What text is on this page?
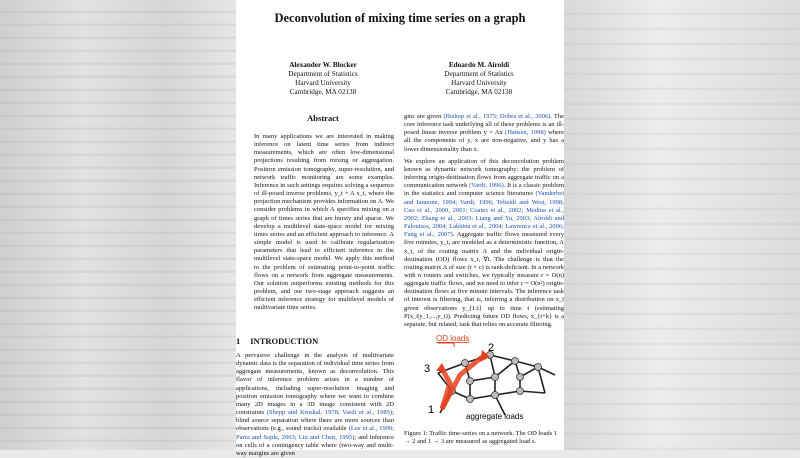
Deconvolution of mixing time series on a graph
Alexander W. Blocker
Department of Statistics
Harvard University
Cambridge, MA 02138
Edoardo M. Airoldi
Department of Statistics
Harvard University
Cambridge, MA 02138
Abstract
In many applications we are interested in making inference on latent time series from indirect measurements, which are often low-dimensional projections resulting from mixing or aggregation. Positron emission tomography, super-resolution, and network traffic monitoring are some examples. Inference in such settings requires solving a sequence of ill-posed inverse problems, y_t = A x_t, where the projection mechanism provides information on A. We consider problems in which A specifies mixing on a graph of times series that are bursty and sparse. We develop a multilevel state-space model for mixing times series and an efficient approach to inference. A simple model is used to calibrate regularization parameters that lead to efficient inference in the multilevel state-space model. We apply this method to the problem of estimating point-to-point traffic flows on a network from aggregate measurements. Our solution outperforms existing methods for this problem, and our two-stage approach suggests an efficient inference strategy for multilevel models of multivariate time series.
1 INTRODUCTION
A pervasive challenge in the analysis of multivariate dynamic data is the separation of individual time series from aggregate measurements, known as deconvolution. This flavor of inference problem arises in a number of applications, including super-resolution imaging and positron emission tomography where we want to combine many 2D images in a 3D image consistent with 2D constraints (Shepp and Kruskal, 1978; Vardi et al., 1985); blind source separation where there are more sources than observations (e.g., sound tracks) available (Lee et al., 1999; Parra and Sajda, 2003; Liu and Chen, 1995); and inference on cells of a contingency table where (two-way and multi-way margins are given

gins are given (Bishop et al., 1975; Dobra et al., 2006). The core inference task underlying all of these problems is an ill-posed linear inverse problem y = Ax (Hansen, 1998) where all the components of y, x are non-negative, and y has a lower dimensionality than x.

We explore an application of this deconvolution problem known as dynamic network tomography: the problem of inferring origin-destination flows from aggregate traffic on a communication network (Vardi, 1996). It is a classic problem in the statistics and computer science literatures (Vanderbei and Iannone, 1994; Vardi, 1996; Tebaldi and West, 1998; Cao et al., 2000, 2001; Coates et al., 2002; Medina et al., 2002; Zhang et al., 2003; Liang and Yu, 2003; Airoldi and Faloutsos, 2004; Lakhina et al., 2004; Lawrence et al., 2006; Fang et al., 2007). Aggregate traffic flows measured every five minutes, y_t, are modeled as a deterministic function, A x_t, of the routing matrix A and the individual origin-destination (OD) flows x_t, ∀t. The challenge is that the routing matrix A of size (r × c) is rank-deficient. In a network with n routers and switches, we typically measure r = O(n) aggregate traffic flows, and we need to infer c = O(n²) origin-destination flows at five minute intervals. The inference task of interest is filtering, that is, inferring a distribution on x_t given observations y_{1:t} up to time t (estimating P(x_t|y_1,...,y_t)). Predicting future OD flows, x_{t+k} is a separate, but related, task that relies on accurate filtering.

3
2
1
OD loads
aggregate loads
Figure 1: Traffic time-series on a network. The OD loads 1 → 2 and 1 → 3 are measured as aggregated load s.
